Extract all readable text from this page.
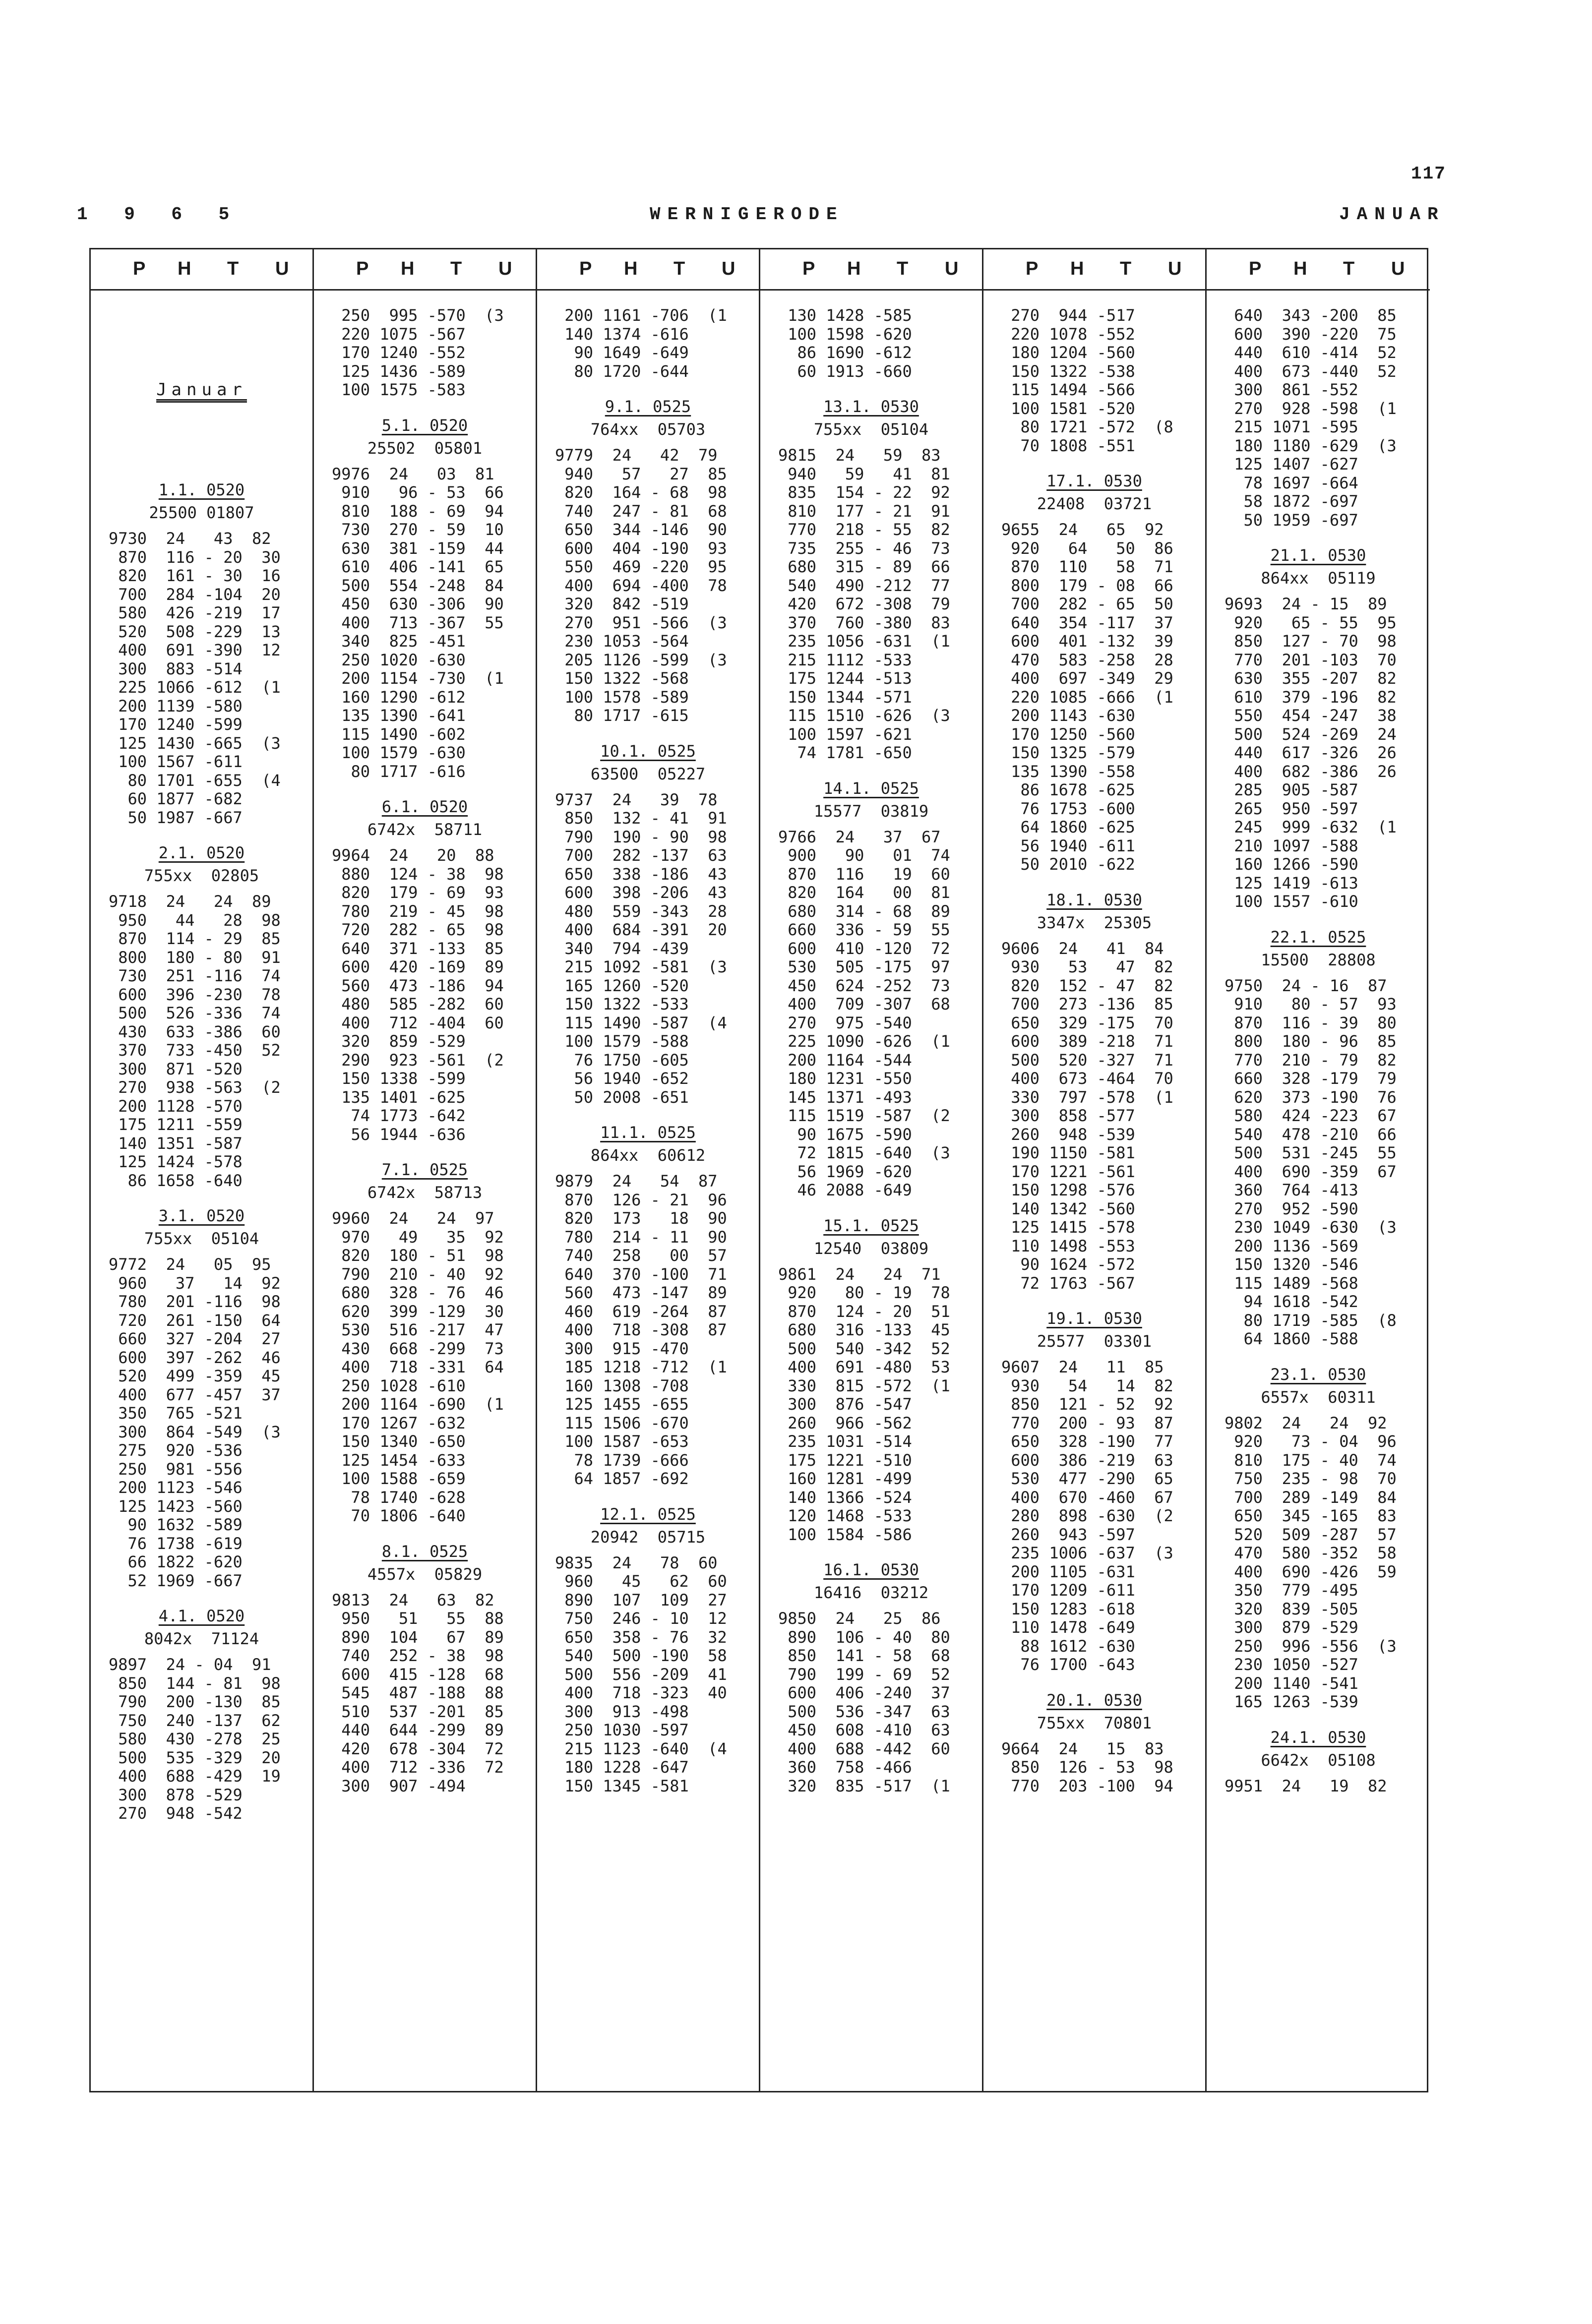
117
1 9 6 5	WERNIGERODE	JANUAR
P H T U
Januar
1.1. 0520
25500 01807
9730  24   43  82
870  116 - 20  30
820  161 - 30  16
700  284 -104  20
580  426 -219  17
520  508 -229  13
400  691 -390  12
300  883 -514
225 1066 -612  (1
200 1139 -580
170 1240 -599
125 1430 -665  (3
100 1567 -611
80 1701 -655  (4
60 1877 -682
50 1987 -667
2.1. 0520
755xx  02805
9718  24   24  89
950   44   28  98
870  114 - 29  85
800  180 - 80  91
730  251 -116  74
600  396 -230  78
500  526 -336  74
430  633 -386  60
370  733 -450  52
300  871 -520
270  938 -563  (2
200 1128 -570
175 1211 -559
140 1351 -587
125 1424 -578
86 1658 -640
3.1. 0520
755xx  05104
9772  24   05  95
960   37   14  92
780  201 -116  98
720  261 -150  64
660  327 -204  27
600  397 -262  46
520  499 -359  45
400  677 -457  37
350  765 -521
300  864 -549  (3
275  920 -536
250  981 -556
200 1123 -546
125 1423 -560
90 1632 -589
76 1738 -619
66 1822 -620
52 1969 -667
4.1. 0520
8042x  71124
9897  24 - 04  91
850  144 - 81  98
790  200 -130  85
750  240 -137  62
580  430 -278  25
500  535 -329  20
400  688 -429  19
300  878 -529
270  948 -542
P H T U
250  995 -570  (3
220 1075 -567
170 1240 -552
125 1436 -589
100 1575 -583
5.1. 0520
25502  05801
9976  24   03  81
910   96 - 53  66
810  188 - 69  94
730  270 - 59  10
630  381 -159  44
610  406 -141  65
500  554 -248  84
450  630 -306  90
400  713 -367  55
340  825 -451
250 1020 -630
200 1154 -730  (1
160 1290 -612
135 1390 -641
115 1490 -602
100 1579 -630
80 1717 -616
6.1. 0520
6742x  58711
9964  24   20  88
880  124 - 38  98
820  179 - 69  93
780  219 - 45  98
720  282 - 65  98
640  371 -133  85
600  420 -169  89
560  473 -186  94
480  585 -282  60
400  712 -404  60
320  859 -529
290  923 -561  (2
150 1338 -599
135 1401 -625
74 1773 -642
56 1944 -636
7.1. 0525
6742x  58713
9960  24   24  97
970   49   35  92
820  180 - 51  98
790  210 - 40  92
680  328 - 76  46
620  399 -129  30
530  516 -217  47
430  668 -299  73
400  718 -331  64
250 1028 -610
200 1164 -690  (1
170 1267 -632
150 1340 -650
125 1454 -633
100 1588 -659
78 1740 -628
70 1806 -640
8.1. 0525
4557x  05829
9813  24   63  82
950   51   55  88
890  104   67  89
740  252 - 38  98
600  415 -128  68
545  487 -188  88
510  537 -201  85
440  644 -299  89
420  678 -304  72
400  712 -336  72
300  907 -494
P H T U
200 1161 -706  (1
140 1374 -616
90 1649 -649
80 1720 -644
9.1. 0525
764xx  05703
9779  24   42  79
940   57   27  85
820  164 - 68  98
740  247 - 81  68
650  344 -146  90
600  404 -190  93
550  469 -220  95
400  694 -400  78
320  842 -519
270  951 -566  (3
230 1053 -564
205 1126 -599  (3
150 1322 -568
100 1578 -589
80 1717 -615
10.1. 0525
63500  05227
9737  24   39  78
850  132 - 41  91
790  190 - 90  98
700  282 -137  63
650  338 -186  43
600  398 -206  43
480  559 -343  28
400  684 -391  20
340  794 -439
215 1092 -581  (3
165 1260 -520
150 1322 -533
115 1490 -587  (4
100 1579 -588
76 1750 -605
56 1940 -652
50 2008 -651
11.1. 0525
864xx  60612
9879  24   54  87
870  126 - 21  96
820  173   18  90
780  214 - 11  90
740  258   00  57
640  370 -100  71
560  473 -147  89
460  619 -264  87
400  718 -308  87
300  915 -470
185 1218 -712  (1
160 1308 -708
125 1455 -655
115 1506 -670
100 1587 -653
78 1739 -666
64 1857 -692
12.1. 0525
20942  05715
9835  24   78  60
960   45   62  60
890  107  109  27
750  246 - 10  12
650  358 - 76  32
540  500 -190  58
500  556 -209  41
400  718 -323  40
300  913 -498
250 1030 -597
215 1123 -640  (4
180 1228 -647
150 1345 -581
P H T U
130 1428 -585
100 1598 -620
86 1690 -612
60 1913 -660
13.1. 0530
755xx  05104
9815  24   59  83
940   59   41  81
835  154 - 22  92
810  177 - 21  91
770  218 - 55  82
735  255 - 46  73
680  315 - 89  66
540  490 -212  77
420  672 -308  79
370  760 -380  83
235 1056 -631  (1
215 1112 -533
175 1244 -513
150 1344 -571
115 1510 -626  (3
100 1597 -621
74 1781 -650
14.1. 0525
15577  03819
9766  24   37  67
900   90   01  74
870  116   19  60
820  164   00  81
680  314 - 68  89
660  336 - 59  55
600  410 -120  72
530  505 -175  97
450  624 -252  73
400  709 -307  68
270  975 -540
225 1090 -626  (1
200 1164 -544
180 1231 -550
145 1371 -493
115 1519 -587  (2
90 1675 -590
72 1815 -640  (3
56 1969 -620
46 2088 -649
15.1. 0525
12540  03809
9861  24   24  71
920   80 - 19  78
870  124 - 20  51
680  316 -133  45
500  540 -342  52
400  691 -480  53
330  815 -572  (1
300  876 -547
260  966 -562
235 1031 -514
175 1221 -510
160 1281 -499
140 1366 -524
120 1468 -533
100 1584 -586
16.1. 0530
16416  03212
9850  24   25  86
890  106 - 40  80
850  141 - 58  68
790  199 - 69  52
600  406 -240  37
500  536 -347  63
450  608 -410  63
400  688 -442  60
360  758 -466
320  835 -517  (1
P H T U
270  944 -517
220 1078 -552
180 1204 -560
150 1322 -538
115 1494 -566
100 1581 -520
80 1721 -572  (8
70 1808 -551
17.1. 0530
22408  03721
9655  24   65  92
920   64   50  86
870  110   58  71
800  179 - 08  66
700  282 - 65  50
640  354 -117  37
600  401 -132  39
470  583 -258  28
400  697 -349  29
220 1085 -666  (1
200 1143 -630
170 1250 -560
150 1325 -579
135 1390 -558
86 1678 -625
76 1753 -600
64 1860 -625
56 1940 -611
50 2010 -622
18.1. 0530
3347x  25305
9606  24   41  84
930   53   47  82
820  152 - 47  82
700  273 -136  85
650  329 -175  70
600  389 -218  71
500  520 -327  71
400  673 -464  70
330  797 -578  (1
300  858 -577
260  948 -539
190 1150 -581
170 1221 -561
150 1298 -576
140 1342 -560
125 1415 -578
110 1498 -553
90 1624 -572
72 1763 -567
19.1. 0530
25577  03301
9607  24   11  85
930   54   14  82
850  121 - 52  92
770  200 - 93  87
650  328 -190  77
600  386 -219  63
530  477 -290  65
400  670 -460  67
280  898 -630  (2
260  943 -597
235 1006 -637  (3
200 1105 -631
170 1209 -611
150 1283 -618
110 1478 -649
88 1612 -630
76 1700 -643
20.1. 0530
755xx  70801
9664  24   15  83
850  126 - 53  98
770  203 -100  94
P H T U
640  343 -200  85
600  390 -220  75
440  610 -414  52
400  673 -440  52
300  861 -552
270  928 -598  (1
215 1071 -595
180 1180 -629  (3
125 1407 -627
78 1697 -664
58 1872 -697
50 1959 -697
21.1. 0530
864xx  05119
9693  24 - 15  89
920   65 - 55  95
850  127 - 70  98
770  201 -103  70
630  355 -207  82
610  379 -196  82
550  454 -247  38
500  524 -269  24
440  617 -326  26
400  682 -386  26
285  905 -587
265  950 -597
245  999 -632  (1
210 1097 -588
160 1266 -590
125 1419 -613
100 1557 -610
22.1. 0525
15500  28808
9750  24 - 16  87
910   80 - 57  93
870  116 - 39  80
800  180 - 96  85
770  210 - 79  82
660  328 -179  79
620  373 -190  76
580  424 -223  67
540  478 -210  66
500  531 -245  55
400  690 -359  67
360  764 -413
270  952 -590
230 1049 -630  (3
200 1136 -569
150 1320 -546
115 1489 -568
94 1618 -542
80 1719 -585  (8
64 1860 -588
23.1. 0530
6557x  60311
9802  24   24  92
920   73 - 04  96
810  175 - 40  74
750  235 - 98  70
700  289 -149  84
650  345 -165  83
520  509 -287  57
470  580 -352  58
400  690 -426  59
350  779 -495
320  839 -505
300  879 -529
250  996 -556  (3
230 1050 -527
200 1140 -541
165 1263 -539
24.1. 0530
6642x  05108
9951  24   19  82
